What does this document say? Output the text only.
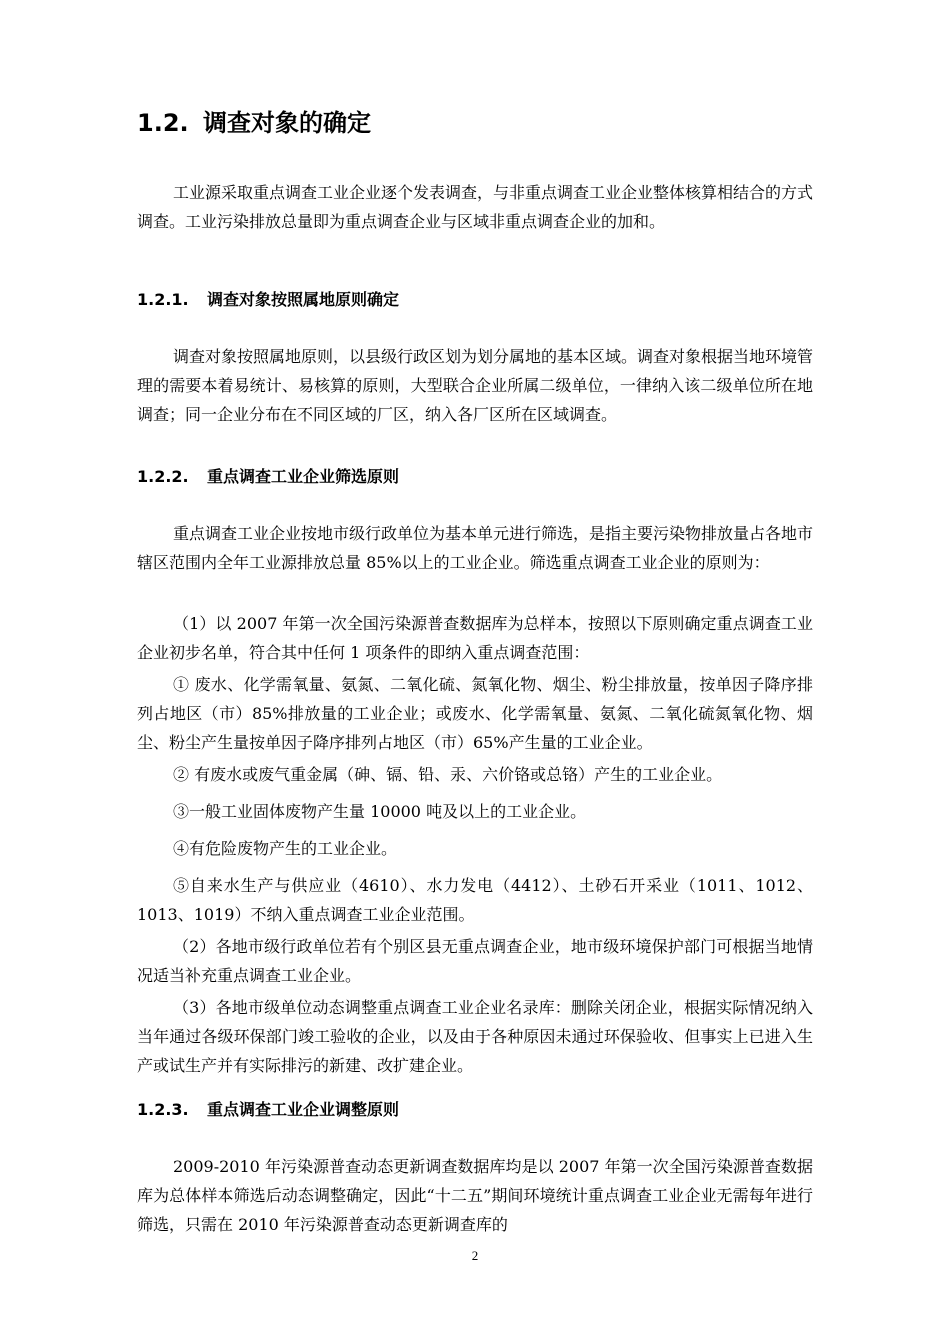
1.2. 调查对象的确定

工业源采取重点调查工业企业逐个发表调查，与非重点调查工业企业整体核算相结合的方式调查。工业污染排放总量即为重点调查企业与区域非重点调查企业的加和。

1.2.1. 调查对象按照属地原则确定

调查对象按照属地原则，以县级行政区划为划分属地的基本区域。调查对象根据当地环境管理的需要本着易统计、易核算的原则，大型联合企业所属二级单位，一律纳入该二级单位所在地调查；同一企业分布在不同区域的厂区，纳入各厂区所在区域调查。

1.2.2. 重点调查工业企业筛选原则

重点调查工业企业按地市级行政单位为基本单元进行筛选，是指主要污染物排放量占各地市辖区范围内全年工业源排放总量 85%以上的工业企业。筛选重点调查工业企业的原则为：

（1）以 2007 年第一次全国污染源普查数据库为总样本，按照以下原则确定重点调查工业企业初步名单，符合其中任何 1 项条件的即纳入重点调查范围：

① 废水、化学需氧量、氨氮、二氧化硫、氮氧化物、烟尘、粉尘排放量，按单因子降序排列占地区（市）85%排放量的工业企业；或废水、化学需氧量、氨氮、二氧化硫氮氧化物、烟尘、粉尘产生量按单因子降序排列占地区（市）65%产生量的工业企业。

② 有废水或废气重金属（砷、镉、铅、汞、六价铬或总铬）产生的工业企业。

③一般工业固体废物产生量 10000 吨及以上的工业企业。

④有危险废物产生的工业企业。

⑤自来水生产与供应业（4610）、水力发电（4412）、土砂石开采业（1011、1012、1013、1019）不纳入重点调查工业企业范围。

（2）各地市级行政单位若有个别区县无重点调查企业，地市级环境保护部门可根据当地情况适当补充重点调查工业企业。

（3）各地市级单位动态调整重点调查工业企业名录库：删除关闭企业，根据实际情况纳入当年通过各级环保部门竣工验收的企业，以及由于各种原因未通过环保验收、但事实上已进入生产或试生产并有实际排污的新建、改扩建企业。

1.2.3. 重点调查工业企业调整原则

2009-2010 年污染源普查动态更新调查数据库均是以 2007 年第一次全国污染源普查数据库为总体样本筛选后动态调整确定，因此“十二五”期间环境统计重点调查工业企业无需每年进行筛选，只需在 2010 年污染源普查动态更新调查库的

2
